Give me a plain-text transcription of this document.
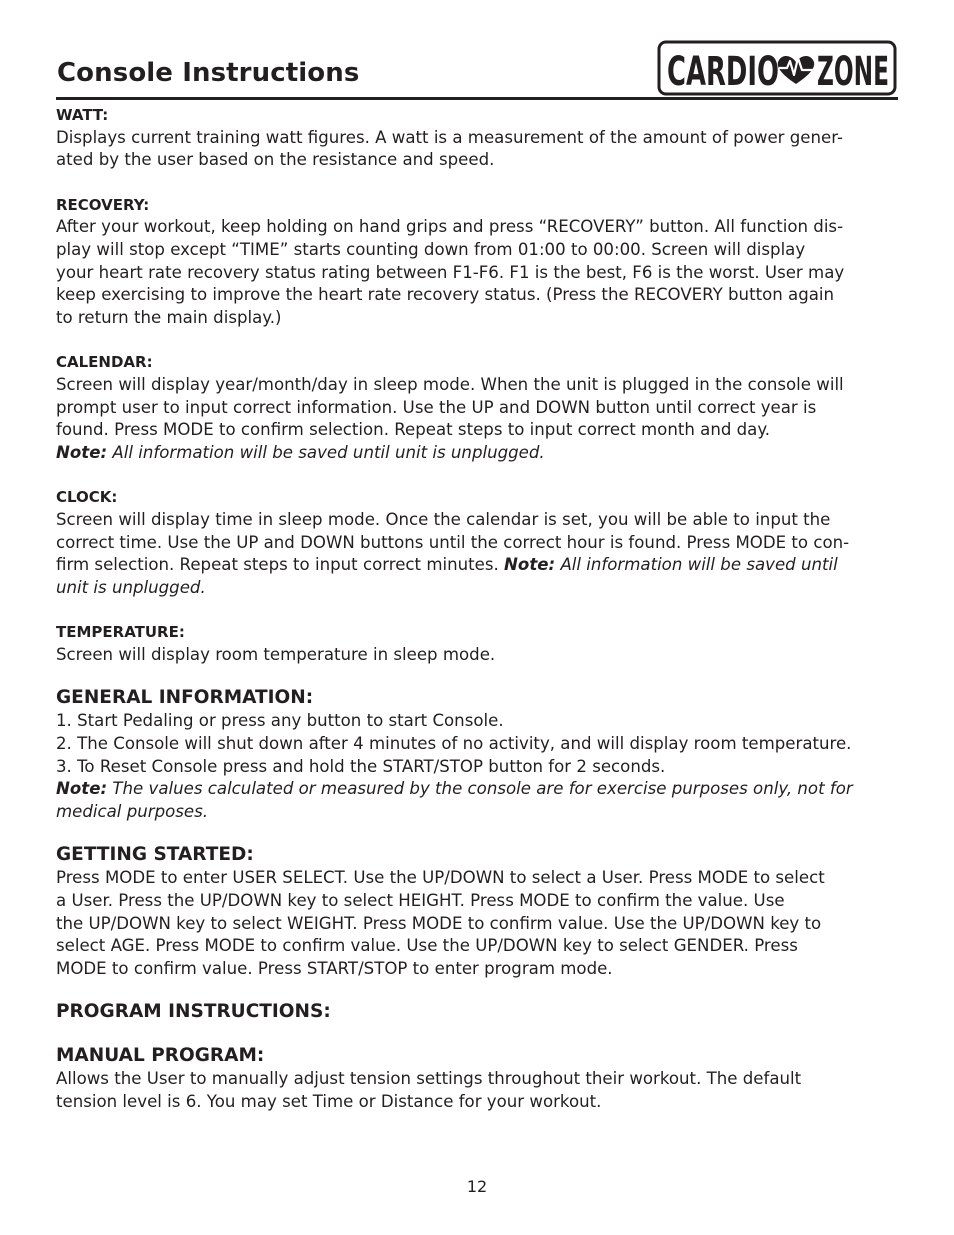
Console Instructions	CARDIO ZONE

WATT:

Displays current training watt figures. A watt is a measurement of the amount of power gener-

ated by the user based on the resistance and speed.

RECOVERY:

After your workout, keep holding on hand grips and press “RECOVERY” button. All function dis-

play will stop except “TIME” starts counting down from 01:00 to 00:00. Screen will display

your heart rate recovery status rating between F1-F6. F1 is the best, F6 is the worst. User may

keep exercising to improve the heart rate recovery status. (Press the RECOVERY button again

to return the main display.)

CALENDAR:

Screen will display year/month/day in sleep mode. When the unit is plugged in the console will

prompt user to input correct information. Use the UP and DOWN button until correct year is

found. Press MODE to confirm selection. Repeat steps to input correct month and day.

Note: All information will be saved until unit is unplugged.

CLOCK:

Screen will display time in sleep mode. Once the calendar is set, you will be able to input the

correct time. Use the UP and DOWN buttons until the correct hour is found. Press MODE to con-

firm selection. Repeat steps to input correct minutes. Note: All information will be saved until

unit is unplugged.

TEMPERATURE:

Screen will display room temperature in sleep mode.

GENERAL INFORMATION:

1. Start Pedaling or press any button to start Console.

2. The Console will shut down after 4 minutes of no activity, and will display room temperature.

3. To Reset Console press and hold the START/STOP button for 2 seconds.

Note: The values calculated or measured by the console are for exercise purposes only, not for

medical purposes.

GETTING STARTED:

Press MODE to enter USER SELECT. Use the UP/DOWN to select a User. Press MODE to select

a User. Press the UP/DOWN key to select HEIGHT. Press MODE to confirm the value. Use

the UP/DOWN key to select WEIGHT. Press MODE to confirm value. Use the UP/DOWN key to

select AGE. Press MODE to confirm value. Use the UP/DOWN key to select GENDER. Press

MODE to confirm value. Press START/STOP to enter program mode.

PROGRAM INSTRUCTIONS:

MANUAL PROGRAM:

Allows the User to manually adjust tension settings throughout their workout. The default

tension level is 6. You may set Time or Distance for your workout.

12
